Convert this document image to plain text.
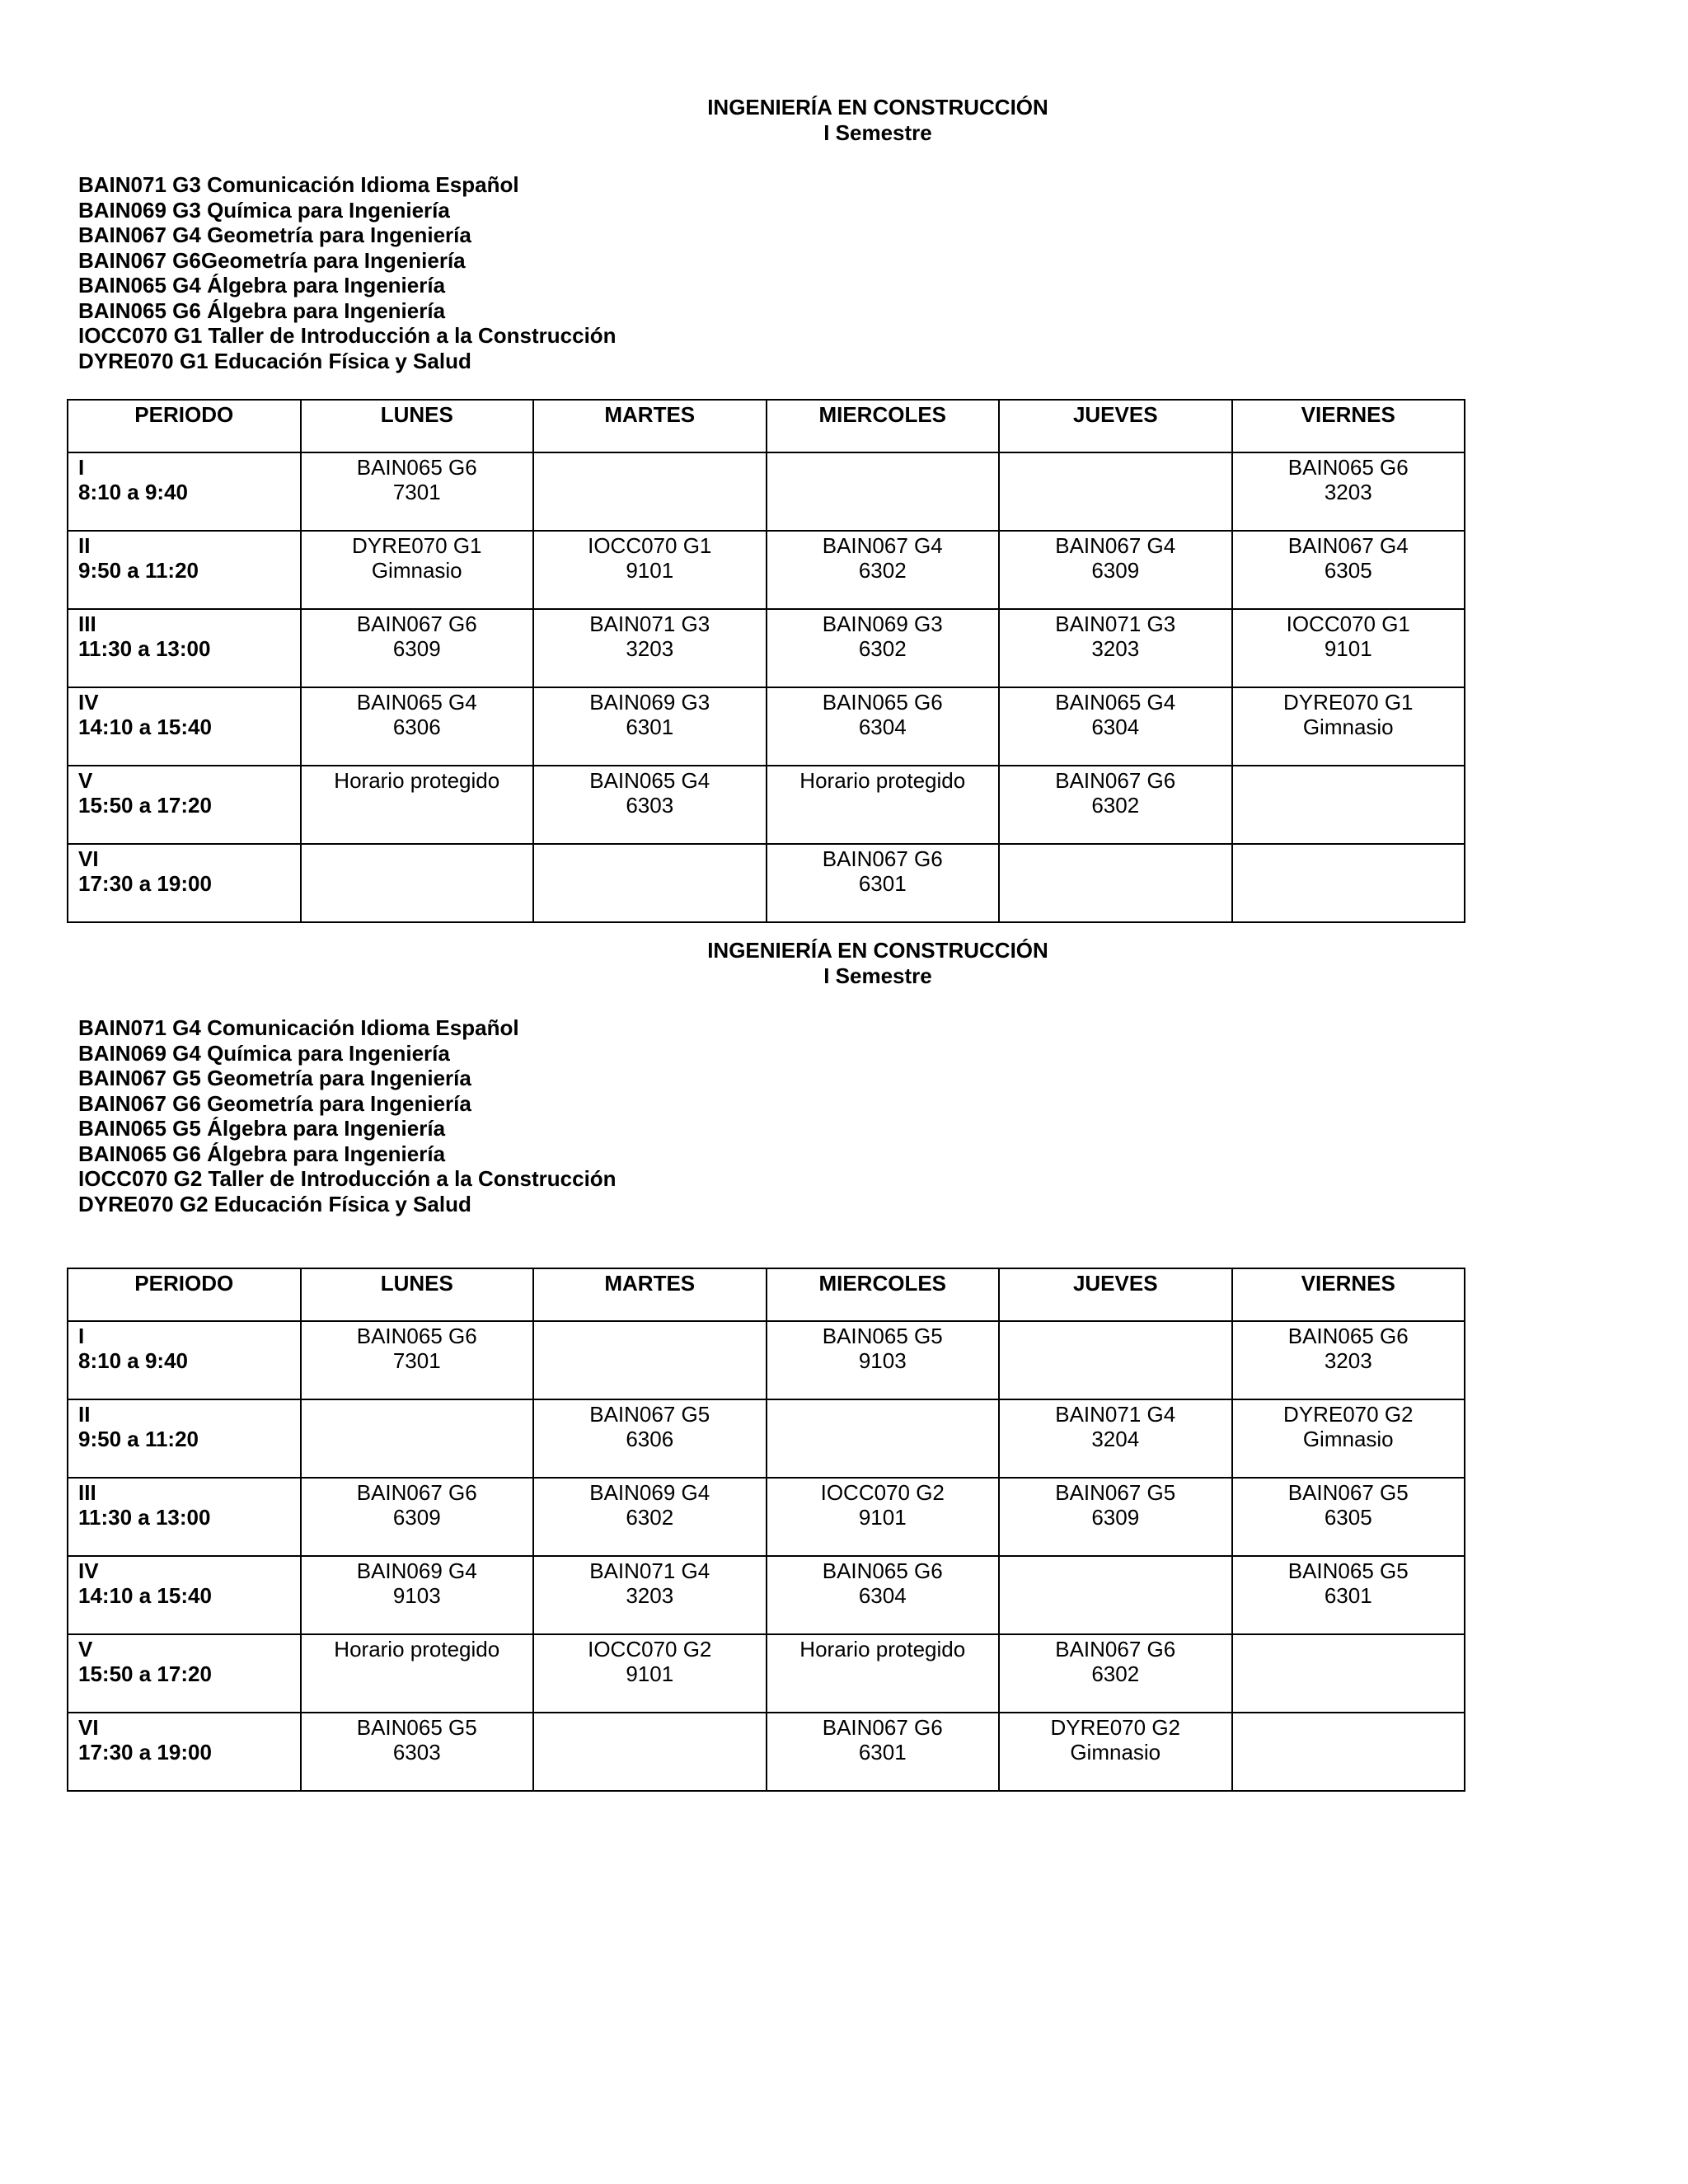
INGENIERÍA EN CONSTRUCCIÓN
I Semestre
BAIN071 G3 Comunicación Idioma Español
BAIN069 G3 Química para Ingeniería
BAIN067 G4 Geometría para Ingeniería
BAIN067 G6Geometría para Ingeniería
BAIN065 G4 Álgebra para Ingeniería
BAIN065 G6 Álgebra para Ingeniería
IOCC070 G1 Taller de Introducción a la Construcción
DYRE070 G1 Educación Física y Salud
PERIODO	LUNES	MARTES	MIERCOLES	JUEVES	VIERNES

I
8:10 a 9:40	BAIN065 G6
7301				BAIN065 G6
3203

II
9:50 a 11:20	DYRE070 G1
Gimnasio	IOCC070 G1
9101	BAIN067 G4
6302	BAIN067 G4
6309	BAIN067 G4
6305

III
11:30 a 13:00	BAIN067 G6
6309	BAIN071 G3
3203	BAIN069 G3
6302	BAIN071 G3
3203	IOCC070 G1
9101

IV
14:10 a 15:40	BAIN065 G4
6306	BAIN069 G3
6301	BAIN065 G6
6304	BAIN065 G4
6304	DYRE070 G1
Gimnasio

V
15:50 a 17:20	Horario protegido	BAIN065 G4
6303	Horario protegido	BAIN067 G6
6302	

VI
17:30 a 19:00			BAIN067 G6
6301		

INGENIERÍA EN CONSTRUCCIÓN
I Semestre
BAIN071 G4 Comunicación Idioma Español
BAIN069 G4 Química para Ingeniería
BAIN067 G5 Geometría para Ingeniería
BAIN067 G6 Geometría para Ingeniería
BAIN065 G5 Álgebra para Ingeniería
BAIN065 G6 Álgebra para Ingeniería
IOCC070 G2 Taller de Introducción a la Construcción
DYRE070 G2 Educación Física y Salud
PERIODO	LUNES	MARTES	MIERCOLES	JUEVES	VIERNES

I
8:10 a 9:40	BAIN065 G6
7301		BAIN065 G5
9103		BAIN065 G6
3203

II
9:50 a 11:20		BAIN067 G5
6306		BAIN071 G4
3204	DYRE070 G2
Gimnasio

III
11:30 a 13:00	BAIN067 G6
6309	BAIN069 G4
6302	IOCC070 G2
9101	BAIN067 G5
6309	BAIN067 G5
6305

IV
14:10 a 15:40	BAIN069 G4
9103	BAIN071 G4
3203	BAIN065 G6
6304		BAIN065 G5
6301

V
15:50 a 17:20	Horario protegido	IOCC070 G2
9101	Horario protegido	BAIN067 G6
6302	

VI
17:30 a 19:00	BAIN065 G5
6303		BAIN067 G6
6301	DYRE070 G2
Gimnasio	
